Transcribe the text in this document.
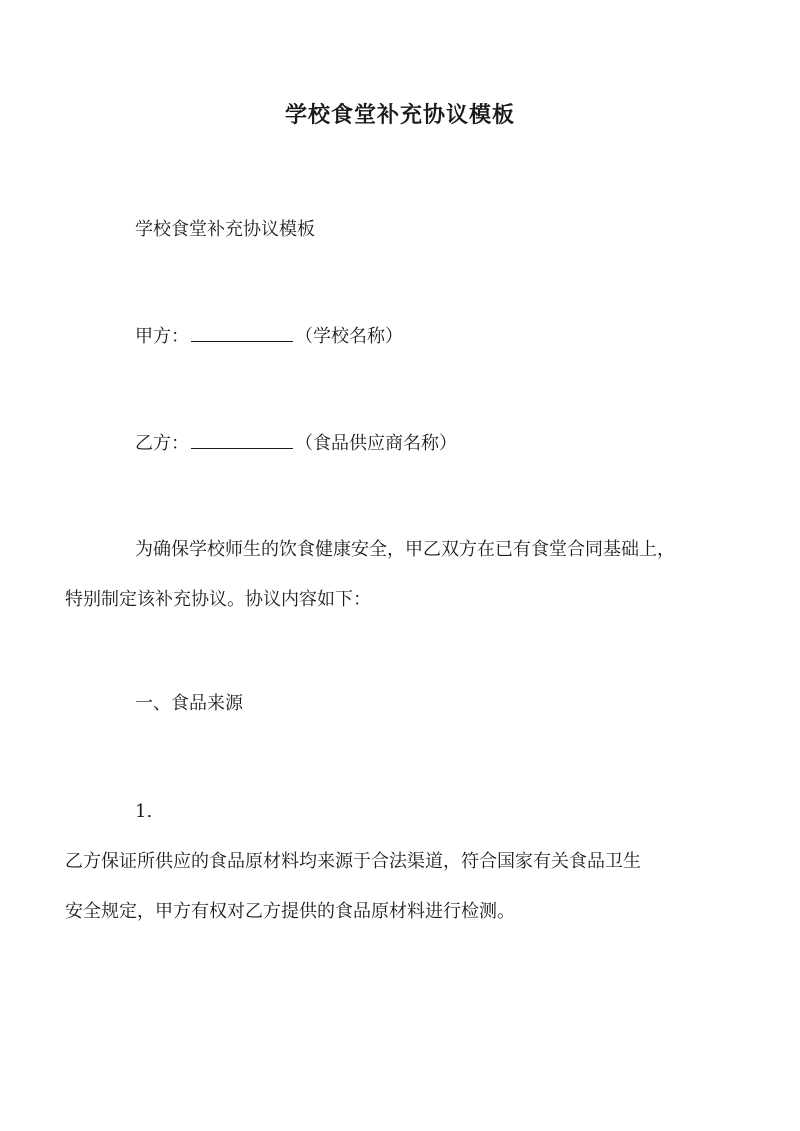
学校食堂补充协议模板
学校食堂补充协议模板
甲方：	（学校名称）
乙方：	（食品供应商名称）
为确保学校师生的饮食健康安全，甲乙双方在已有食堂合同基础上，
特别制定该补充协议。协议内容如下：
一、食品来源
1.
乙方保证所供应的食品原材料均来源于合法渠道，符合国家有关食品卫生
安全规定，甲方有权对乙方提供的食品原材料进行检测。
